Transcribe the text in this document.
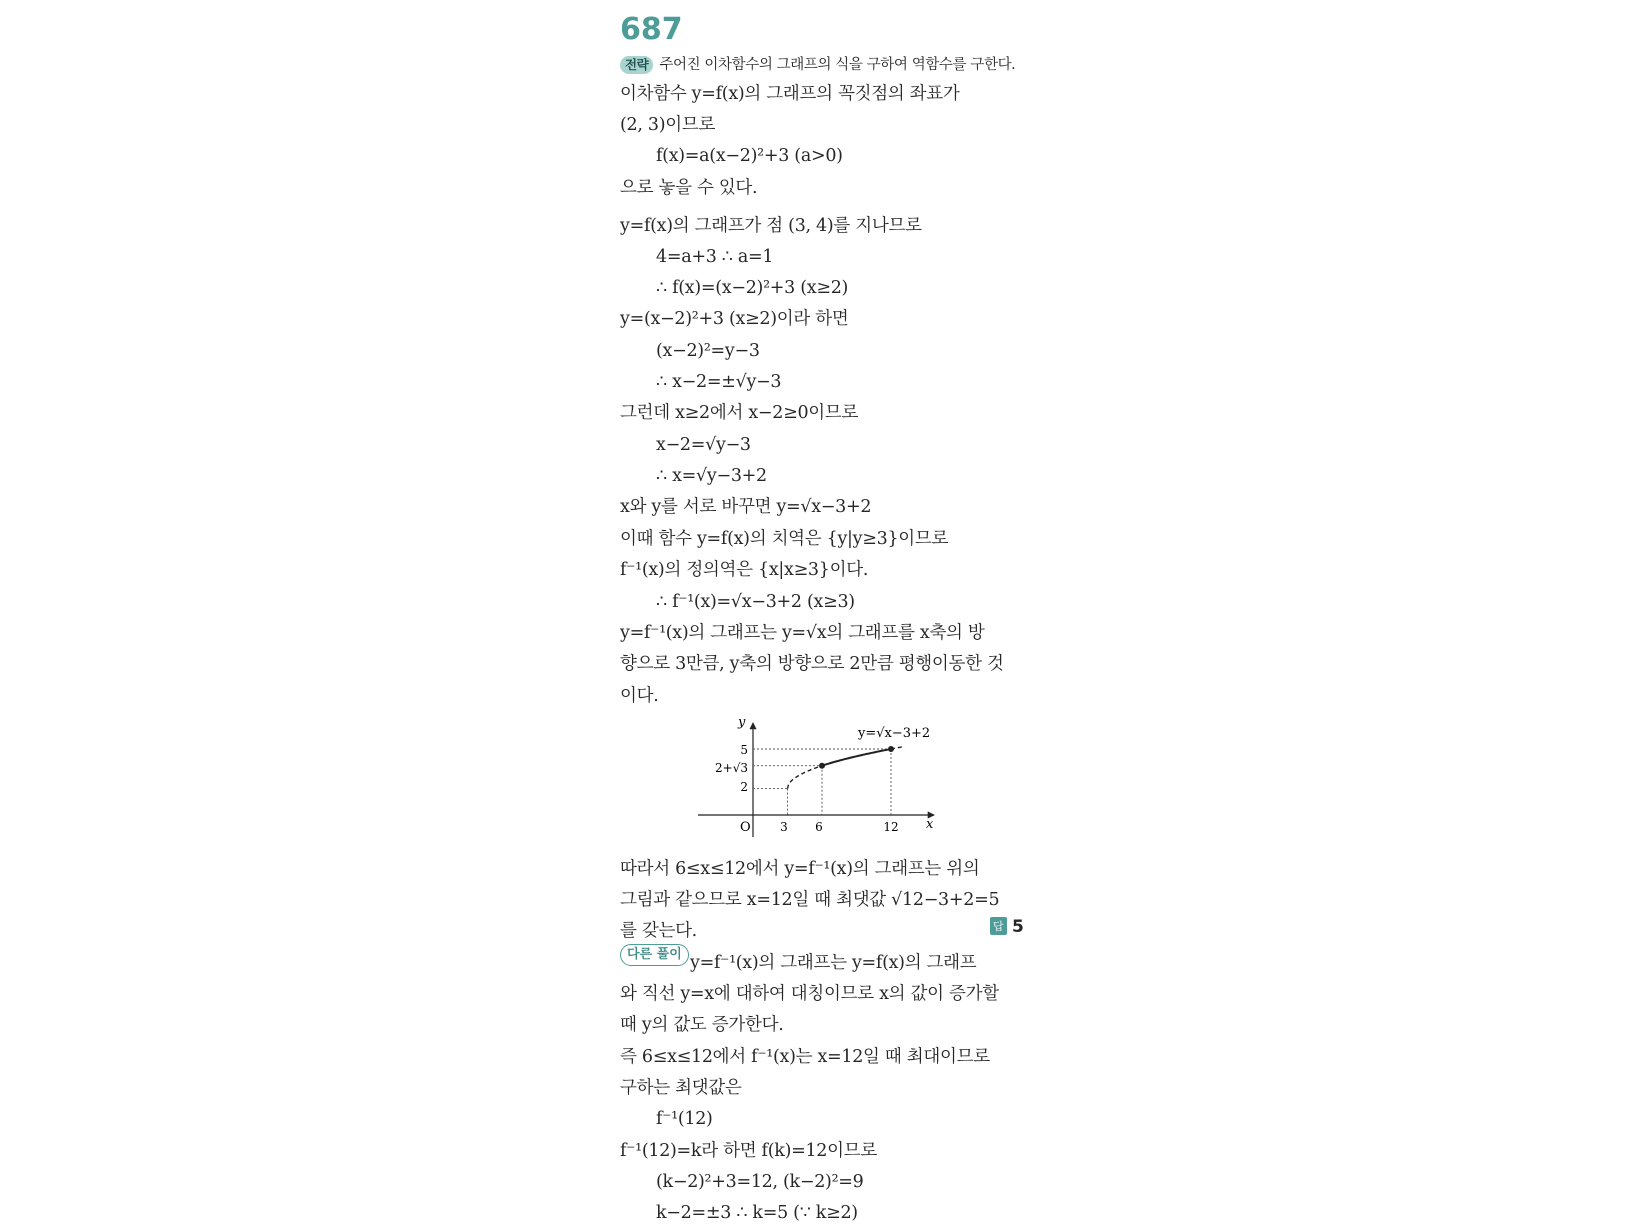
687
전략 주어진 이차함수의 그래프의 식을 구하여 역함수를 구한다.
이차함수 y=f(x)의 그래프의 꼭짓점의 좌표가
(2, 3)이므로
f(x)=a(x−2)²+3 (a>0)
으로 놓을 수 있다.
y=f(x)의 그래프가 점 (3, 4)를 지나므로
4=a+3 ∴ a=1
∴ f(x)=(x−2)²+3 (x≥2)
y=(x−2)²+3 (x≥2)이라 하면
(x−2)²=y−3
∴ x−2=±√y−3
그런데 x≥2에서 x−2≥0이므로
x−2=√y−3
∴ x=√y−3+2
x와 y를 서로 바꾸면 y=√x−3+2
이때 함수 y=f(x)의 치역은 {y|y≥3}이므로
f⁻¹(x)의 정의역은 {x|x≥3}이다.
∴ f⁻¹(x)=√x−3+2 (x≥3)
y=f⁻¹(x)의 그래프는 y=√x의 그래프를 x축의 방
향으로 3만큼, y축의 방향으로 2만큼 평행이동한 것
이다.
y=√x−3+2
y
x
O 3 6	12
5
2+√3
2
따라서 6≤x≤12에서 y=f⁻¹(x)의 그래프는 위의
그림과 같으므로 x=12일 때 최댓값 √12−3+2=5
를 갖는다.	답 5
다른 풀이 y=f⁻¹(x)의 그래프는 y=f(x)의 그래프
와 직선 y=x에 대하여 대칭이므로 x의 값이 증가할
때 y의 값도 증가한다.
즉 6≤x≤12에서 f⁻¹(x)는 x=12일 때 최대이므로
구하는 최댓값은
f⁻¹(12)
f⁻¹(12)=k라 하면 f(k)=12이므로
(k−2)²+3=12, (k−2)²=9
k−2=±3 ∴ k=5 (∵ k≥2)
